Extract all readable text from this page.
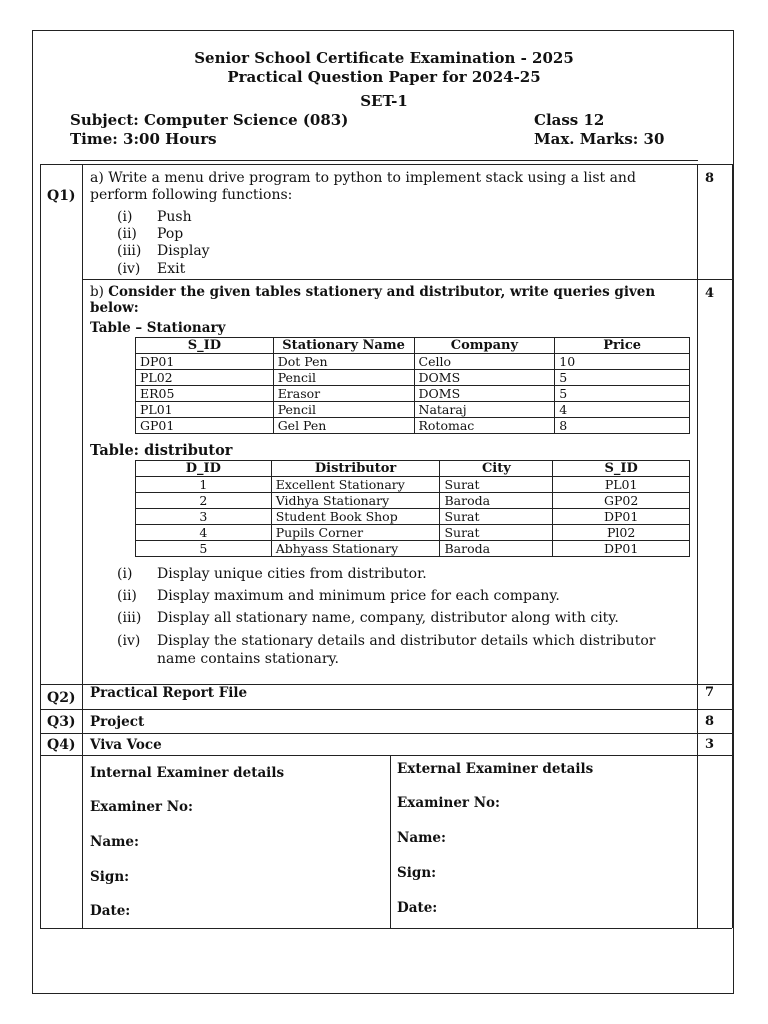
Senior School Certificate Examination - 2025
Practical Question Paper for 2024-25
SET-1
Subject: Computer Science (083)	Class 12
Time: 3:00 Hours	Max. Marks: 30
Q1)
a) Write a menu drive program to python to implement stack using a list and
perform following functions:
8
(i) Push
(ii) Pop
(iii) Display
(iv) Exit
b) Consider the given tables stationery and distributor, write queries given
below:
4
Table – Stationary
S_ID	Stationary Name	Company	Price
DP01	Dot Pen	Cello	10
PL02	Pencil	DOMS	5
ER05	Erasor	DOMS	5
PL01	Pencil	Nataraj	4
GP01	Gel Pen	Rotomac	8
Table: distributor
D_ID	Distributor	City	S_ID
1	Excellent Stationary	Surat	PL01
2	Vidhya Stationary	Baroda	GP02
3	Student Book Shop	Surat	DP01
4	Pupils Corner	Surat	Pl02
5	Abhyass Stationary	Baroda	DP01
(i) Display unique cities from distributor.
(ii) Display maximum and minimum price for each company.
(iii) Display all stationary name, company, distributor along with city.
(iv) Display the stationary details and distributor details which distributor
name contains stationary.
Q2) Practical Report File	7
Q3) Project	8
Q4) Viva Voce	3
Internal Examiner details
Examiner No:
Name:
Sign:
Date:
External Examiner details
Examiner No:
Name:
Sign:
Date:
